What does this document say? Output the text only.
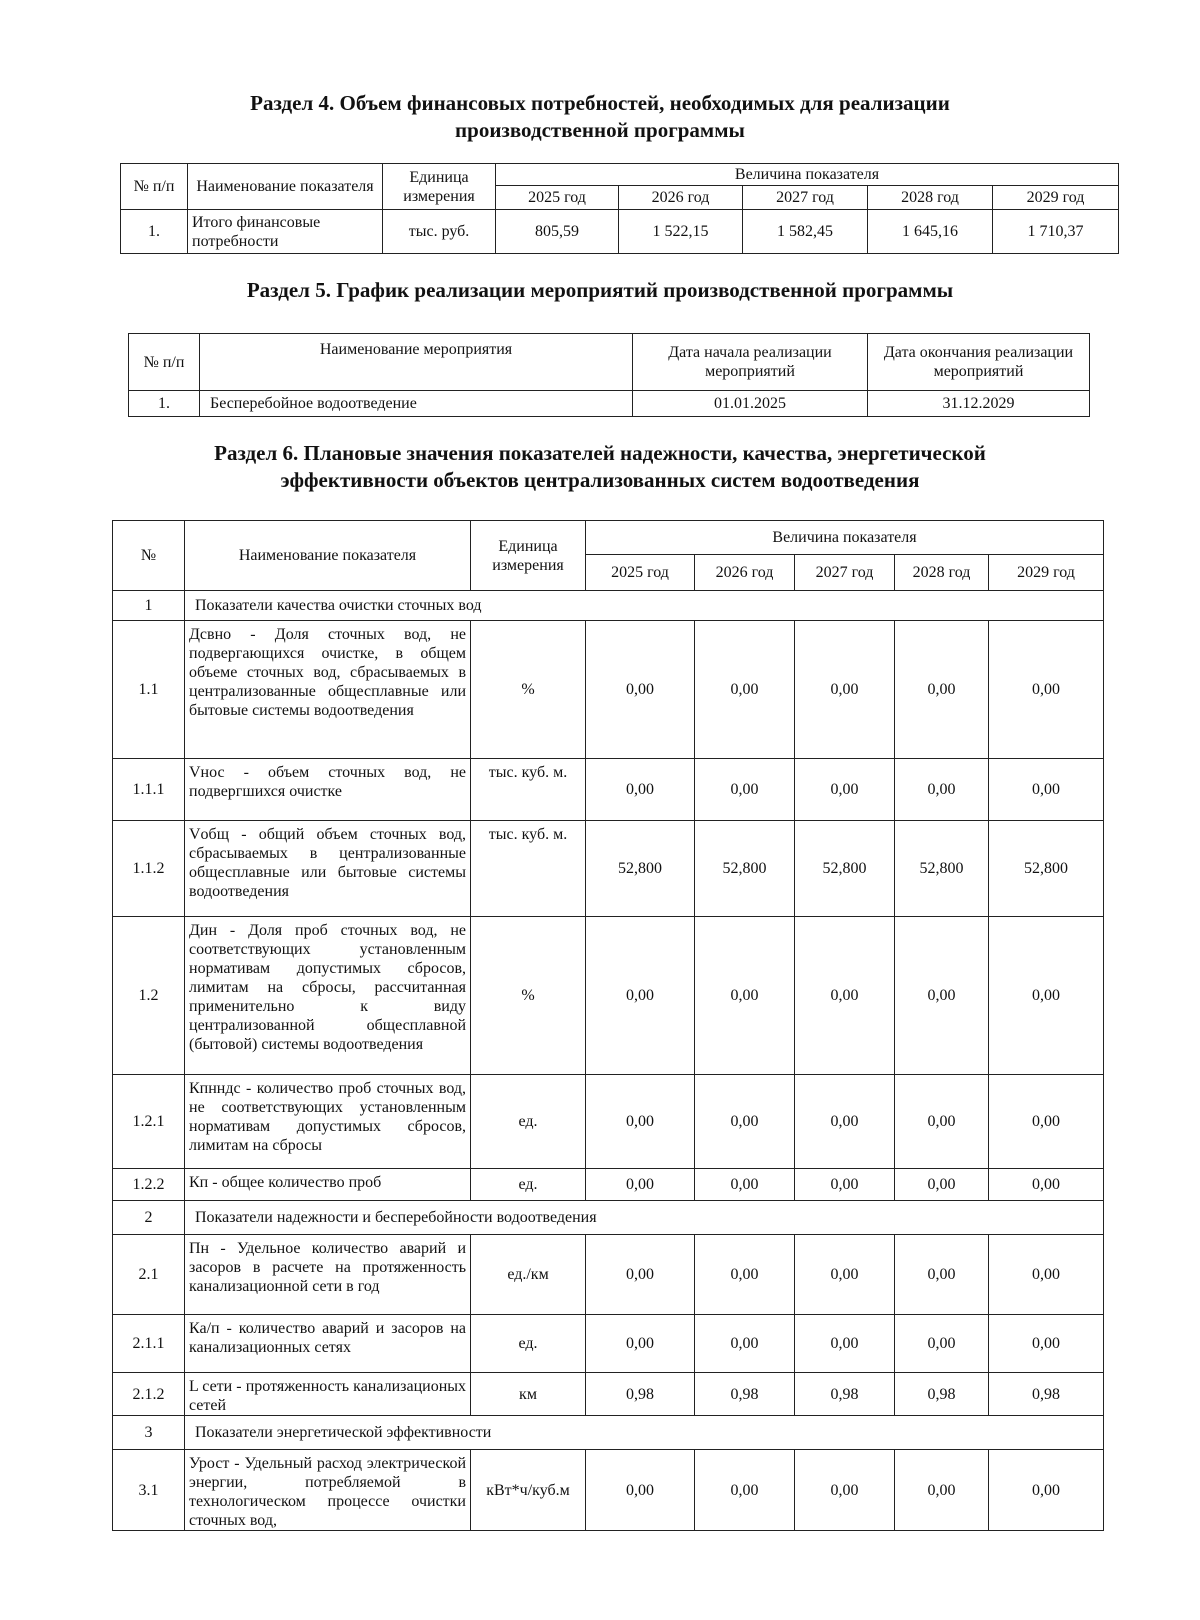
Раздел 4. Объем финансовых потребностей, необходимых для реализации
производственной программы
№ п/п	Наименование показателя	Единица измерения	Величина показателя				
			2025 год	2026 год	2027 год	2028 год	2029 год
1.	Итого финансовые потребности	тыс. руб.	805,59	1 522,15	1 582,45	1 645,16	1 710,37
Раздел 5. График реализации мероприятий производственной программы
№ п/п	Наименование мероприятия	Дата начала реализации мероприятий	Дата окончания реализации мероприятий
1.	Бесперебойное водоотведение	01.01.2025	31.12.2029
Раздел 6. Плановые значения показателей надежности, качества, энергетической
эффективности объектов централизованных систем водоотведения
№	Наименование показателя	Единица измерения	Величина показателя				
			2025 год	2026 год	2027 год	2028 год	2029 год
1	Показатели качества очистки сточных вод						
1.1	Дсвно - Доля сточных вод, не подвергающихся очистке, в общем объеме сточных вод, сбрасываемых в централизованные общесплавные или бытовые системы водоотведения	%	0,00	0,00	0,00	0,00	0,00
1.1.1	Vнос - объем сточных вод, не подвергшихся очистке	тыс. куб. м.	0,00	0,00	0,00	0,00	0,00
1.1.2	Vобщ - общий объем сточных вод, сбрасываемых в централизованные общесплавные или бытовые системы водоотведения	тыс. куб. м.	52,800	52,800	52,800	52,800	52,800
1.2	Дин - Доля проб сточных вод, не соответствующих установленным нормативам допустимых сбросов, лимитам на сбросы, рассчитанная применительно к виду централизованной общесплавной (бытовой) системы водоотведения	%	0,00	0,00	0,00	0,00	0,00
1.2.1	Кпнндс - количество проб сточных вод, не соответствующих установленным нормативам допустимых сбросов, лимитам на сбросы	ед.	0,00	0,00	0,00	0,00	0,00
1.2.2	Кп - общее количество проб	ед.	0,00	0,00	0,00	0,00	0,00
2	Показатели надежности и бесперебойности водоотведения						
2.1	Пн - Удельное количество аварий и засоров в расчете на протяженность канализационной сети в год	ед./км	0,00	0,00	0,00	0,00	0,00
2.1.1	Ка/п - количество аварий и засоров на канализационных сетях	ед.	0,00	0,00	0,00	0,00	0,00
2.1.2	L сети - протяженность канализационых сетей	км	0,98	0,98	0,98	0,98	0,98
3	Показатели энергетической эффективности						
3.1	Урост - Удельный расход электрической энергии, потребляемой в технологическом процессе очистки сточных вод,	кВт*ч/куб.м	0,00	0,00	0,00	0,00	0,00
